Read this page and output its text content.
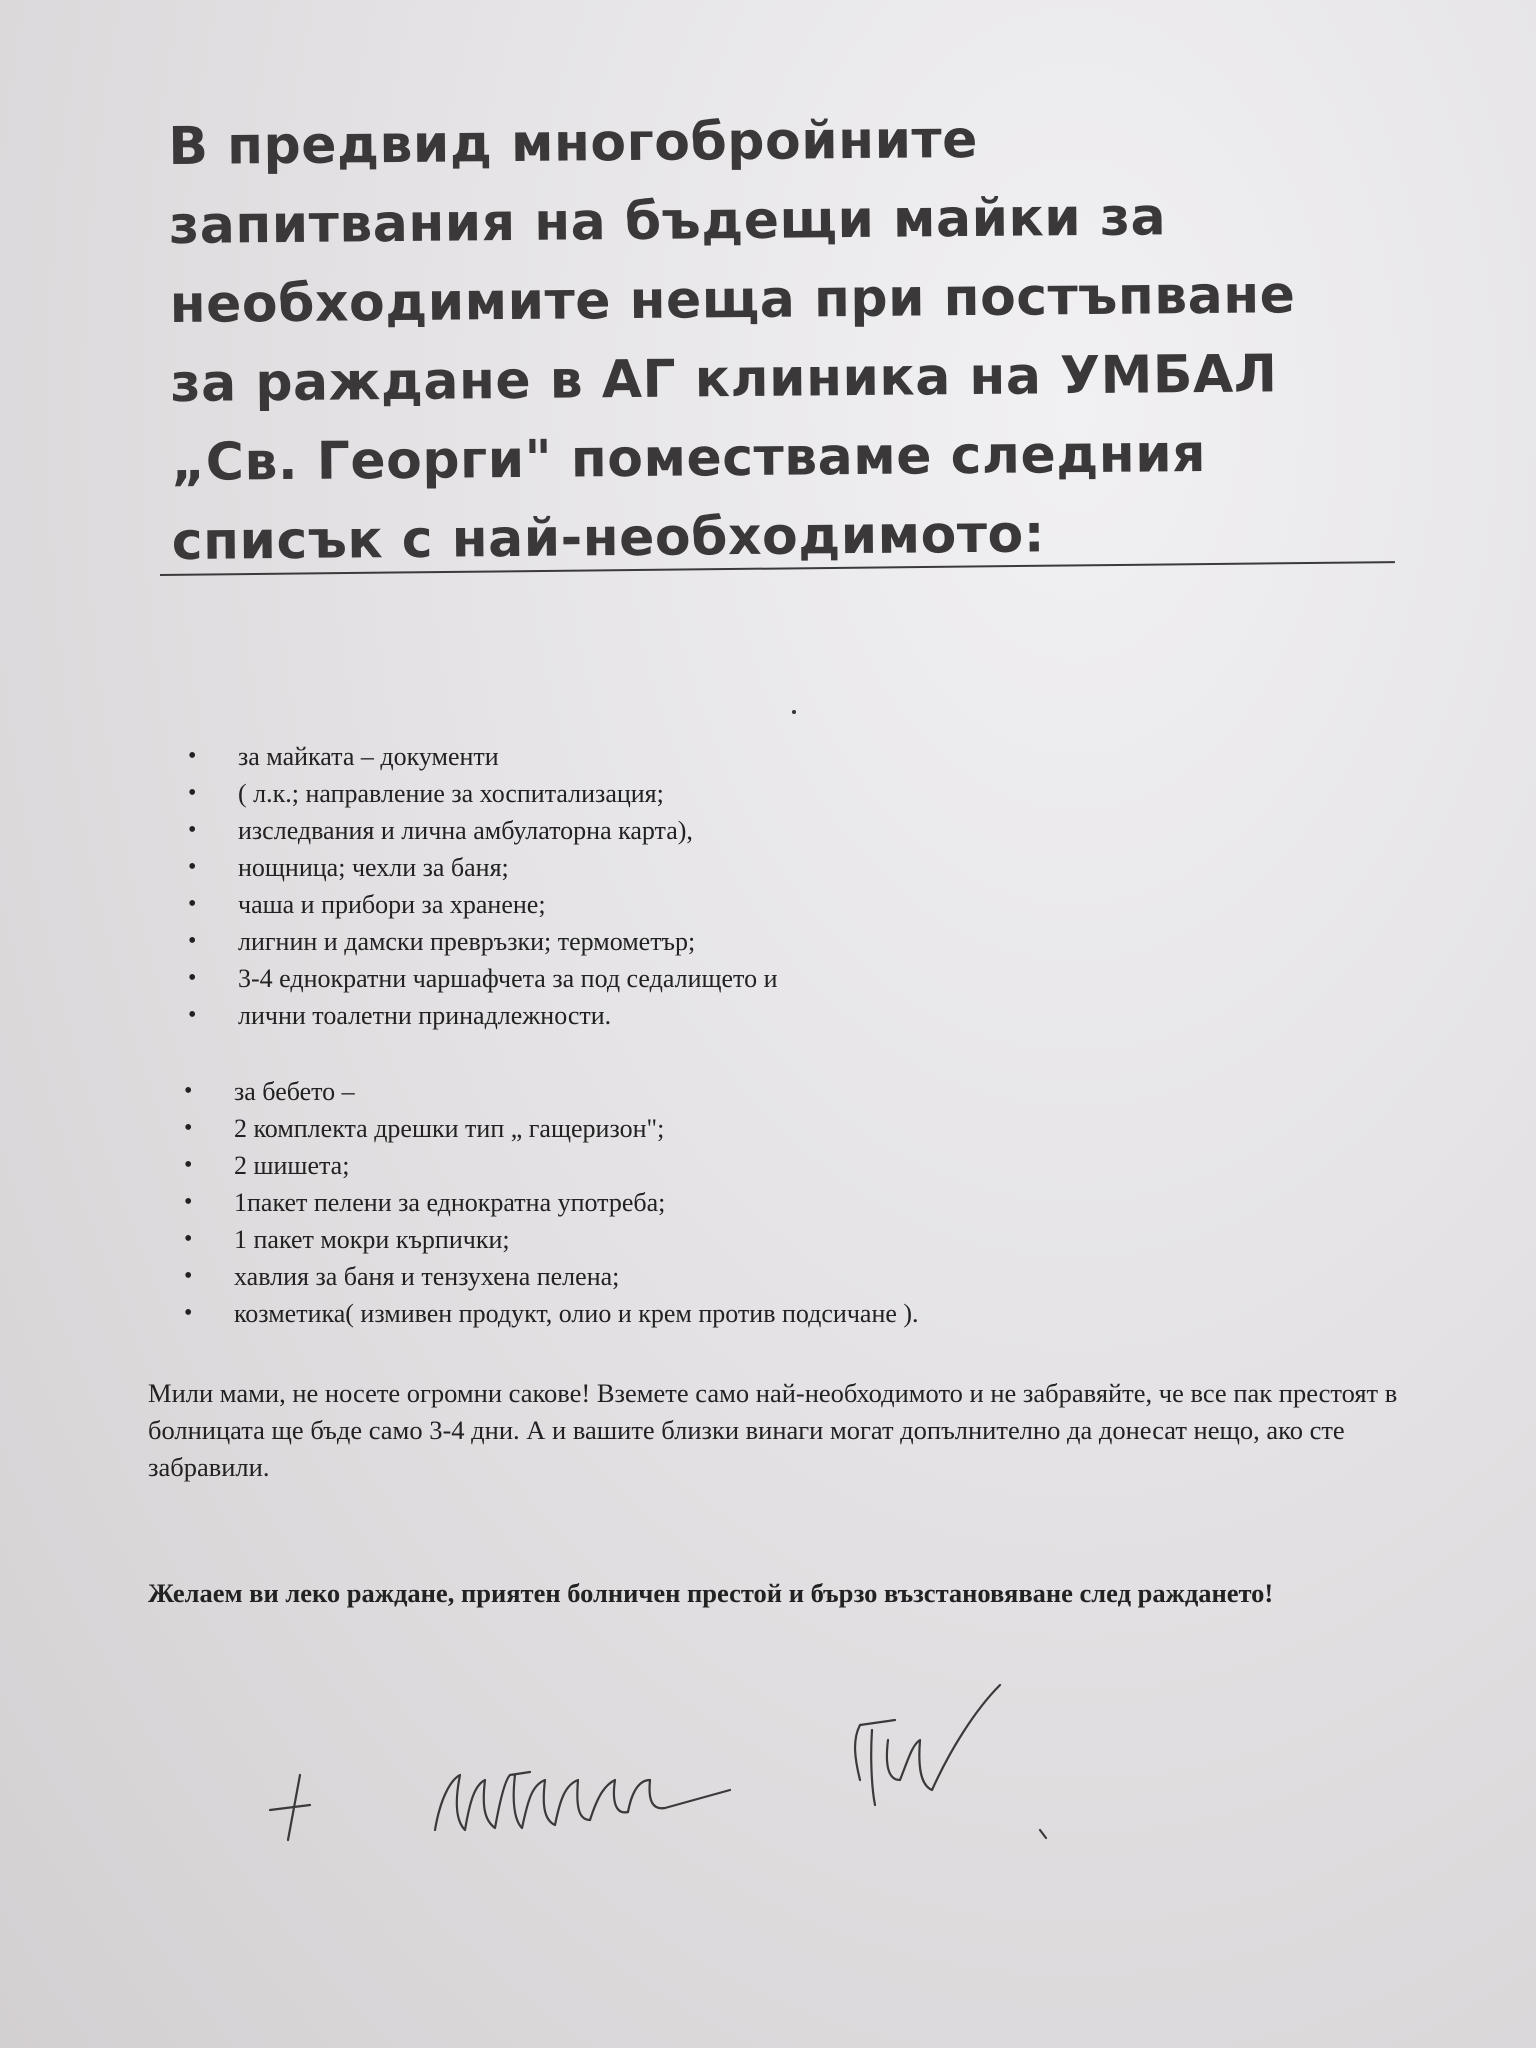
В предвид многобройните
запитвания на бъдещи майки за
необходимите неща при постъпване
за раждане в АГ клиника на УМБАЛ
„Св. Георги" поместваме следния
списък с най-необходимото:
• за майката – документи
• ( л.к.; направление за хоспитализация;
• изследвания и лична амбулаторна карта),
• нощница; чехли за баня;
• чаша и прибори за хранене;
• лигнин и дамски превръзки; термометър;
• 3-4 еднократни чаршафчета за под седалището и
• лични тоалетни принадлежности.
• за бебето –
• 2 комплекта дрешки тип „ гащеризон";
• 2 шишета;
• 1пакет пелени за еднократна употреба;
• 1 пакет мокри кърпички;
• хавлия за баня и тензухена пелена;
• козметика( измивен продукт, олио и крем против подсичане ).

Мили мами, не носете огромни сакове! Вземете само най-необходимото и не забравяйте, че все пак престоят в болницата ще бъде само 3-4 дни. А и вашите близки винаги могат допълнително да донесат нещо, ако сте забравили.

Желаем ви леко раждане, приятен болничен престой и бързо възстановяване след раждането!
